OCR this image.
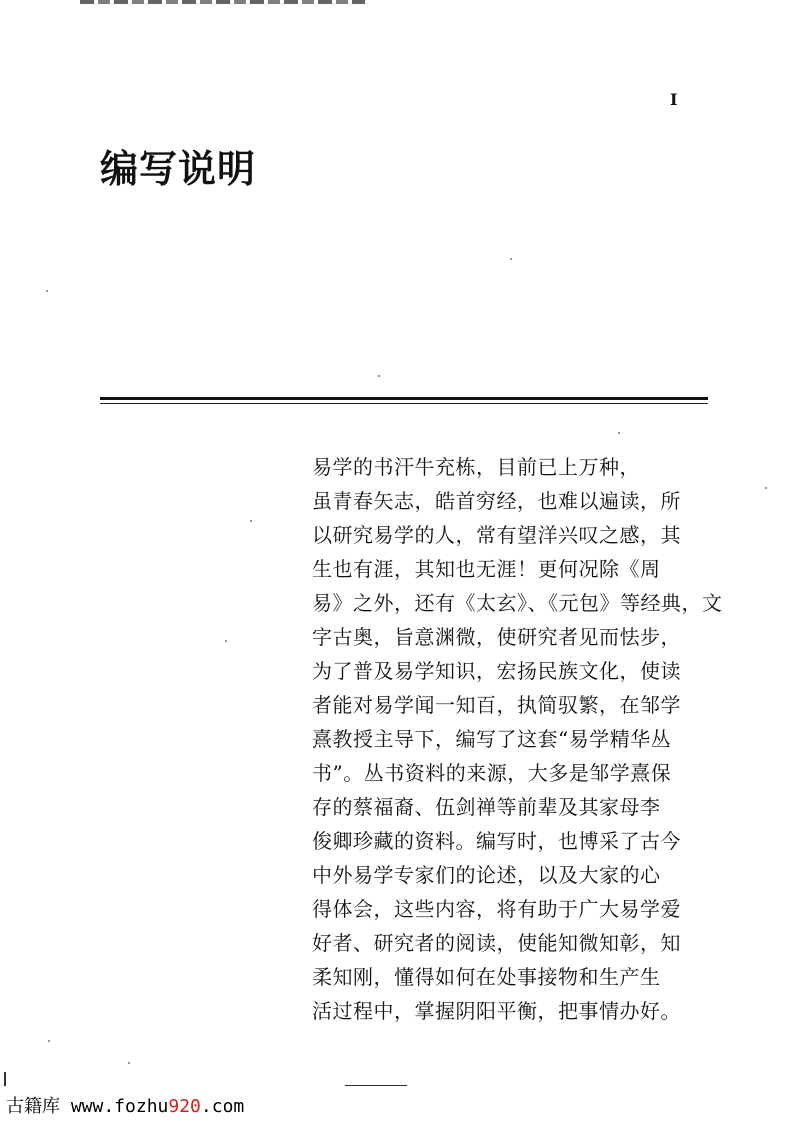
I
编写说明

易学的书汗牛充栋，目前已上万种，
虽青春矢志，皓首穷经，也难以遍读，所
以研究易学的人，常有望洋兴叹之感，其
生也有涯，其知也无涯！更何况除《周
易》之外，还有《太玄》、《元包》等经典，文
字古奥，旨意渊微，使研究者见而怯步，
为了普及易学知识，宏扬民族文化，使读
者能对易学闻一知百，执简驭繁，在邹学
熹教授主导下，编写了这套“易学精华丛
书”。丛书资料的来源，大多是邹学熹保
存的蔡福裔、伍剑禅等前辈及其家母李
俊卿珍藏的资料。编写时，也博采了古今
中外易学专家们的论述，以及大家的心
得体会，这些内容，将有助于广大易学爱
好者、研究者的阅读，使能知微知彰，知
柔知刚，懂得如何在处事接物和生产生
活过程中，掌握阴阳平衡，把事情办好。

古籍库 www.fozhu920.com
